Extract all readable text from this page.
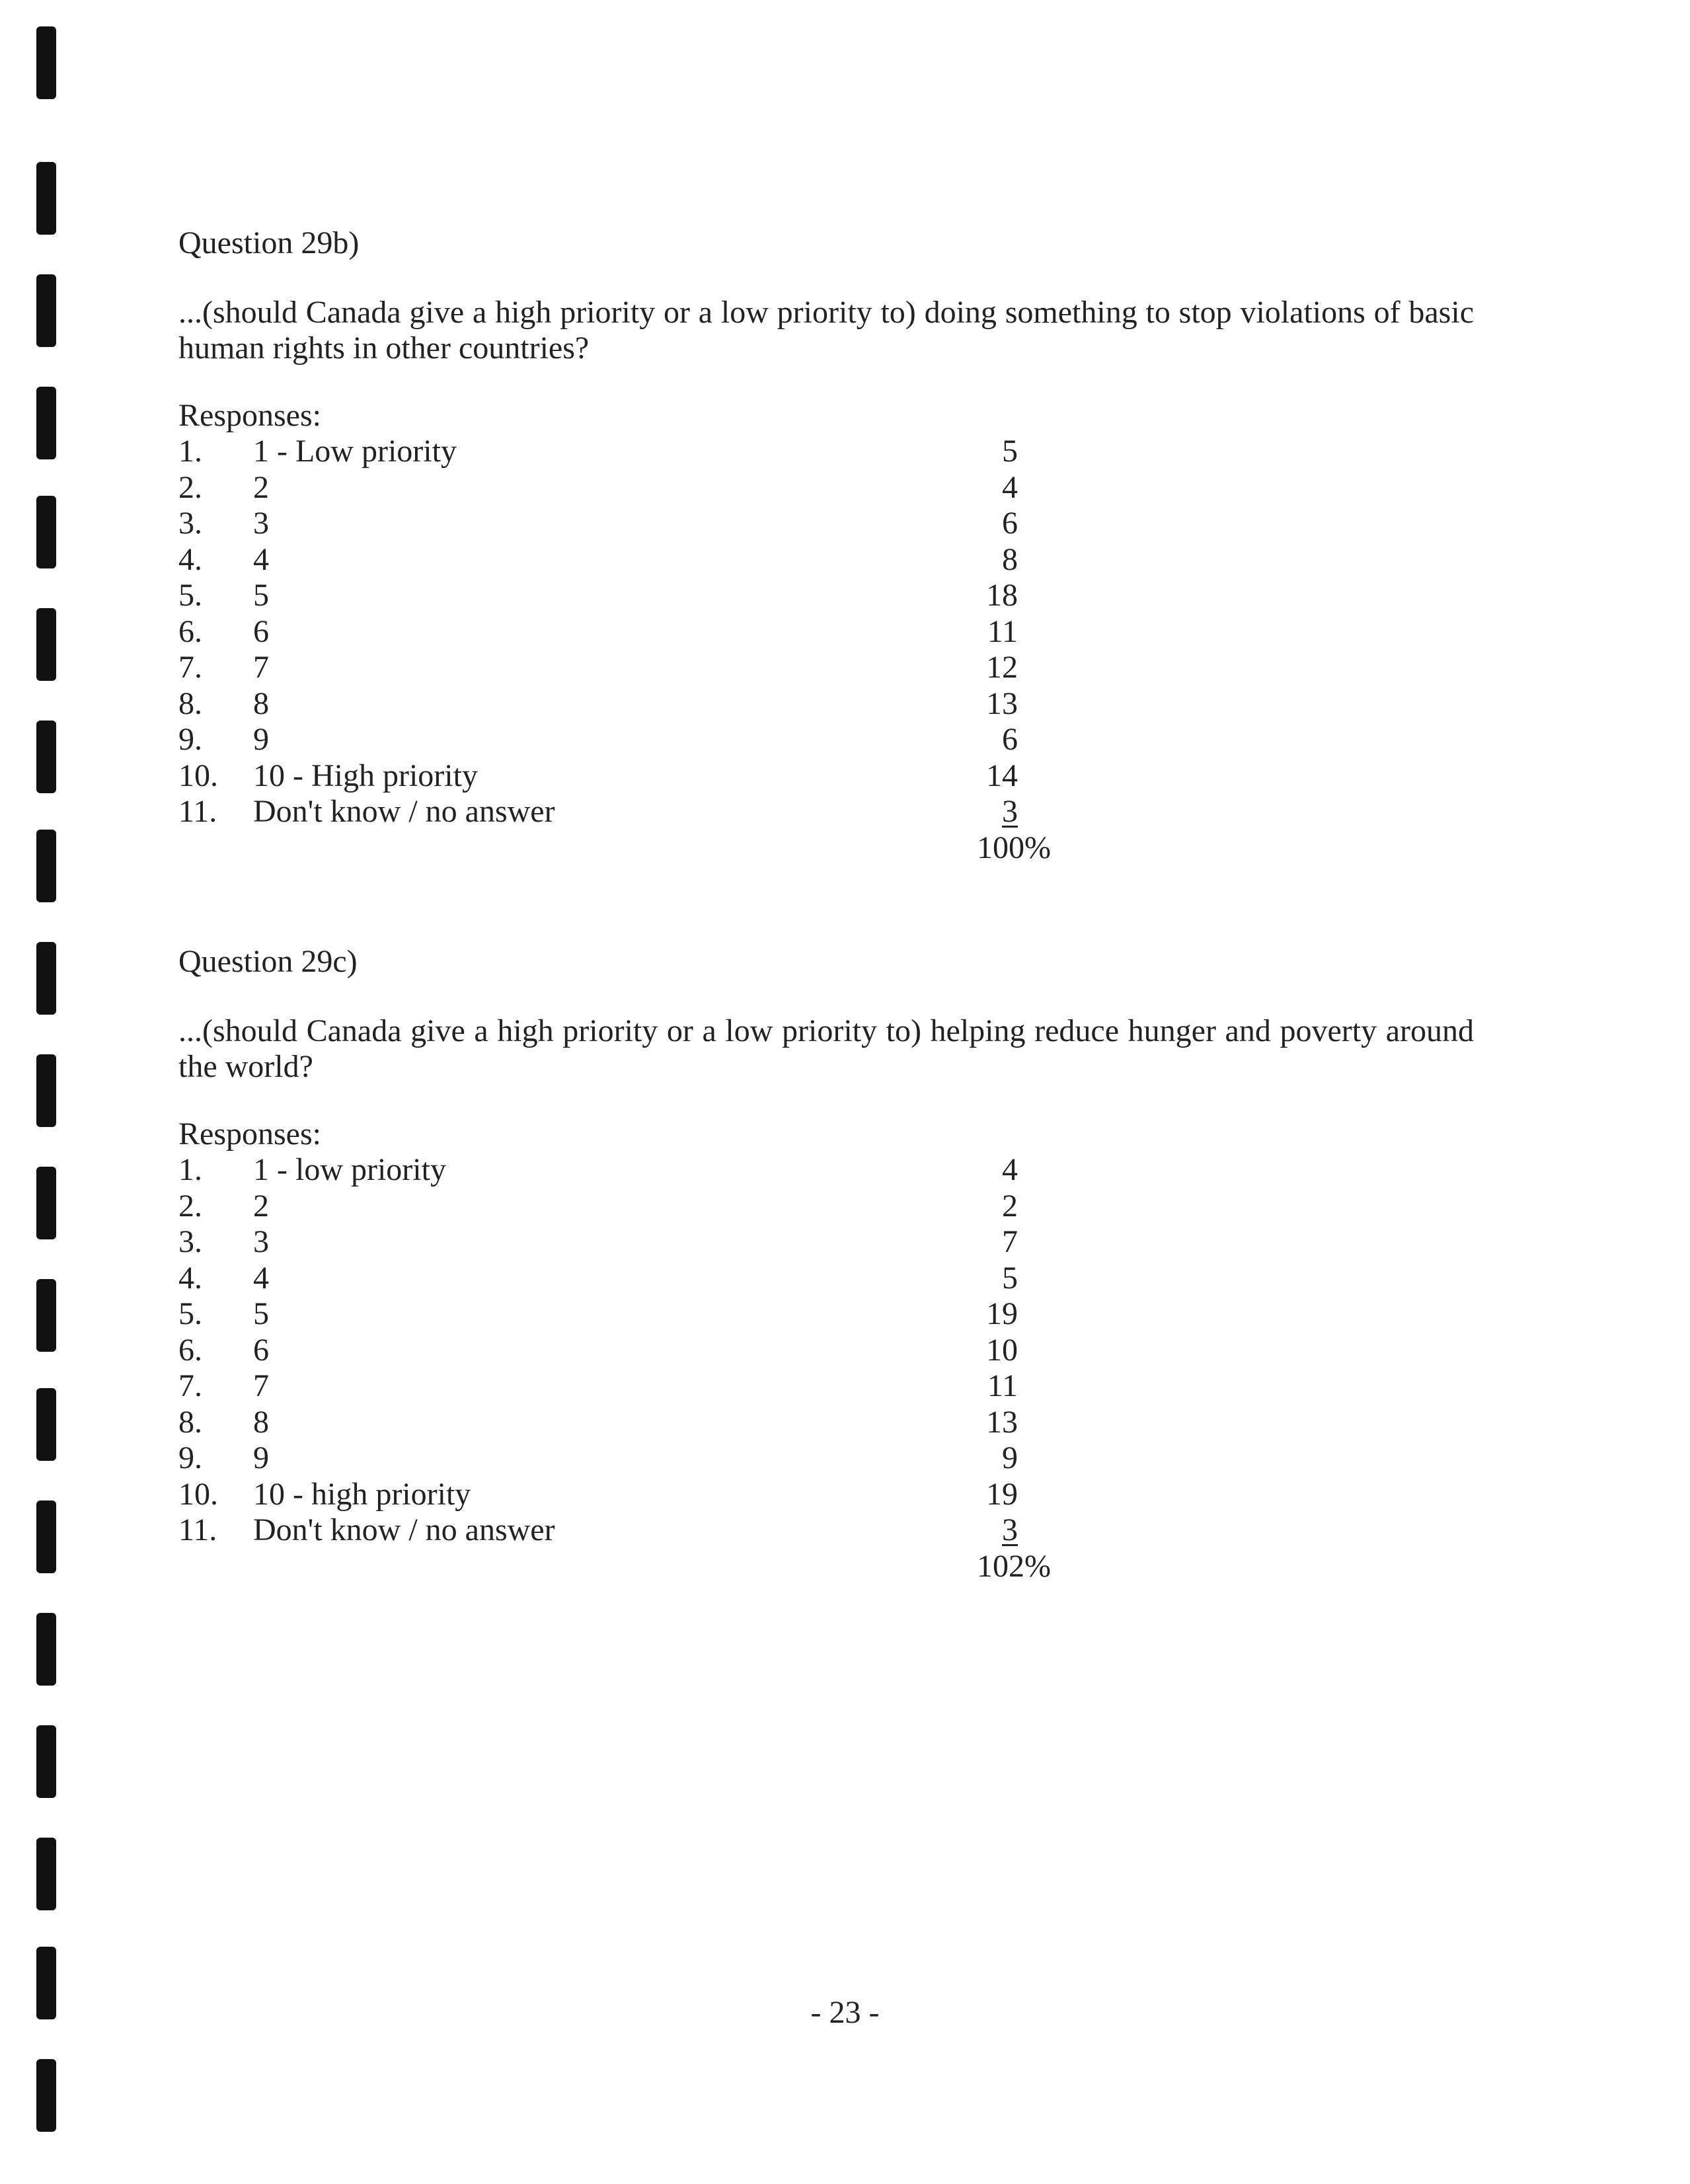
Question 29b)

...(should Canada give a high priority or a low priority to) doing something to stop violations of basic human rights in other countries?

Responses:

1. 1 - Low priority	5
2. 2	4
3. 3	6
4. 4	8
5. 5	18
6. 6	11
7. 7	12
8. 8	13
9. 9	6
10. 10 - High priority	14
11. Don't know / no answer	3
100%

Question 29c)

...(should Canada give a high priority or a low priority to) helping reduce hunger and poverty around the world?

Responses:

1. 1 - low priority	4
2. 2	2
3. 3	7
4. 4	5
5. 5	19
6. 6	10
7. 7	11
8. 8	13
9. 9	9
10. 10 - high priority	19
11. Don't know / no answer	3
102%
- 23 -
